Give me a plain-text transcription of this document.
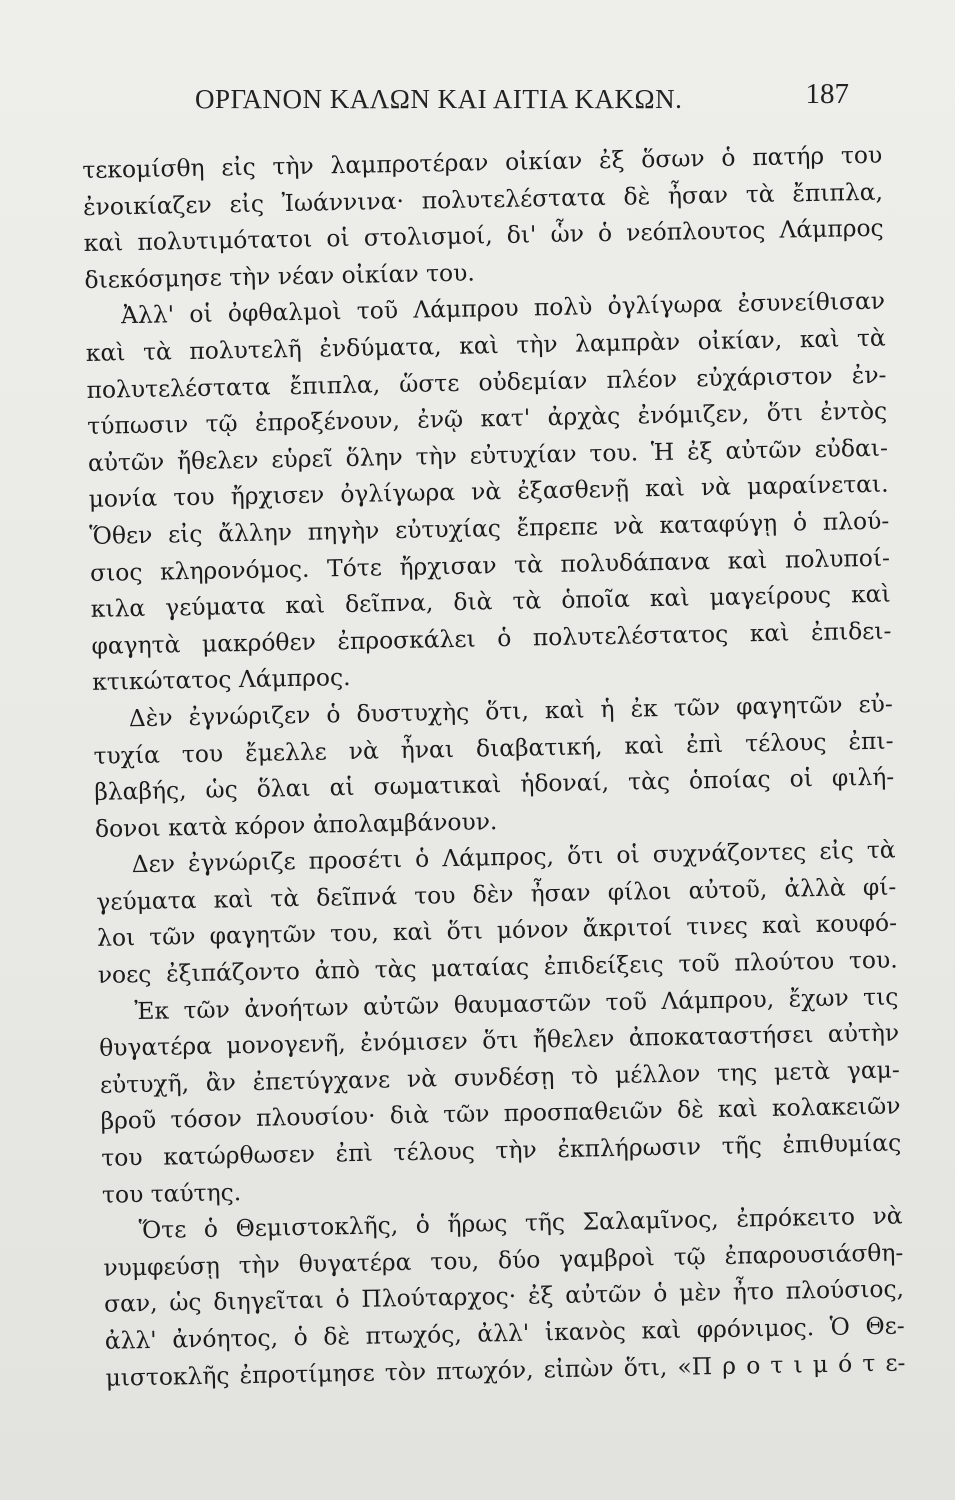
ΟΡΓΑΝΟΝ ΚΑΛΩΝ ΚΑΙ ΑΙΤΙΑ ΚΑΚΩΝ.	187
τεκομίσθη εἰς τὴν λαμπροτέραν οἰκίαν ἐξ ὅσων ὁ πατήρ του
ἐνοικίαζεν εἰς Ἰωάννινα· πολυτελέστατα δὲ ἦσαν τὰ ἔπιπλα,
καὶ πολυτιμότατοι οἱ στολισμοί, δι' ὧν ὁ νεόπλουτος Λάμπρος
διεκόσμησε τὴν νέαν οἰκίαν του.
Ἀλλ' οἱ ὀφθαλμοὶ τοῦ Λάμπρου πολὺ ὀγλίγωρα ἐσυνείθισαν
καὶ τὰ πολυτελῆ ἐνδύματα, καὶ τὴν λαμπρὰν οἰκίαν, καὶ τὰ
πολυτελέστατα ἔπιπλα, ὥστε οὐδεμίαν πλέον εὐχάριστον ἐν-
τύπωσιν τῷ ἐπροξένουν, ἐνῷ κατ' ἀρχὰς ἐνόμιζεν, ὅτι ἐντὸς
αὐτῶν ἤθελεν εὑρεῖ ὅλην τὴν εὐτυχίαν του. Ἡ ἐξ αὐτῶν εὐδαι-
μονία του ἤρχισεν ὀγλίγωρα νὰ ἐξασθενῇ καὶ νὰ μαραίνεται.
Ὅθεν εἰς ἄλλην πηγὴν εὐτυχίας ἔπρεπε νὰ καταφύγῃ ὁ πλού-
σιος κληρονόμος. Τότε ἤρχισαν τὰ πολυδάπανα καὶ πολυποί-
κιλα γεύματα καὶ δεῖπνα, διὰ τὰ ὁποῖα καὶ μαγείρους καὶ
φαγητὰ μακρόθεν ἐπροσκάλει ὁ πολυτελέστατος καὶ ἐπιδει-
κτικώτατος Λάμπρος.
Δὲν ἐγνώριζεν ὁ δυστυχὴς ὅτι, καὶ ἡ ἐκ τῶν φαγητῶν εὐ-
τυχία του ἔμελλε νὰ ἦναι διαβατική, καὶ ἐπὶ τέλους ἐπι-
βλαβής, ὡς ὅλαι αἱ σωματικαὶ ἡδοναί, τὰς ὁποίας οἱ φιλή-
δονοι κατὰ κόρον ἀπολαμβάνουν.
Δεν ἐγνώριζε προσέτι ὁ Λάμπρος, ὅτι οἱ συχνάζοντες εἰς τὰ
γεύματα καὶ τὰ δεῖπνά του δὲν ἦσαν φίλοι αὐτοῦ, ἀλλὰ φί-
λοι τῶν φαγητῶν του, καὶ ὅτι μόνον ἄκριτοί τινες καὶ κουφό-
νοες ἐξιπάζοντο ἀπὸ τὰς ματαίας ἐπιδείξεις τοῦ πλούτου του.
Ἐκ τῶν ἀνοήτων αὐτῶν θαυμαστῶν τοῦ Λάμπρου, ἔχων τις
θυγατέρα μονογενῆ, ἐνόμισεν ὅτι ἤθελεν ἀποκαταστήσει αὐτὴν
εὐτυχῆ, ἂν ἐπετύγχανε νὰ συνδέσῃ τὸ μέλλον της μετὰ γαμ-
βροῦ τόσον πλουσίου· διὰ τῶν προσπαθειῶν δὲ καὶ κολακειῶν
του κατώρθωσεν ἐπὶ τέλους τὴν ἐκπλήρωσιν τῆς ἐπιθυμίας
του ταύτης.
Ὅτε ὁ Θεμιστοκλῆς, ὁ ἥρως τῆς Σαλαμῖνος, ἐπρόκειτο νὰ
νυμφεύσῃ τὴν θυγατέρα του, δύο γαμβροὶ τῷ ἐπαρουσιάσθη-
σαν, ὡς διηγεῖται ὁ Πλούταρχος· ἐξ αὐτῶν ὁ μὲν ἦτο πλούσιος,
ἀλλ' ἀνόητος, ὁ δὲ πτωχός, ἀλλ' ἱκανὸς καὶ φρόνιμος. Ὁ Θε-
μιστοκλῆς ἐπροτίμησε τὸν πτωχόν, εἰπὼν ὅτι, «Π ρ ο τ ι μ ό τ ε-
